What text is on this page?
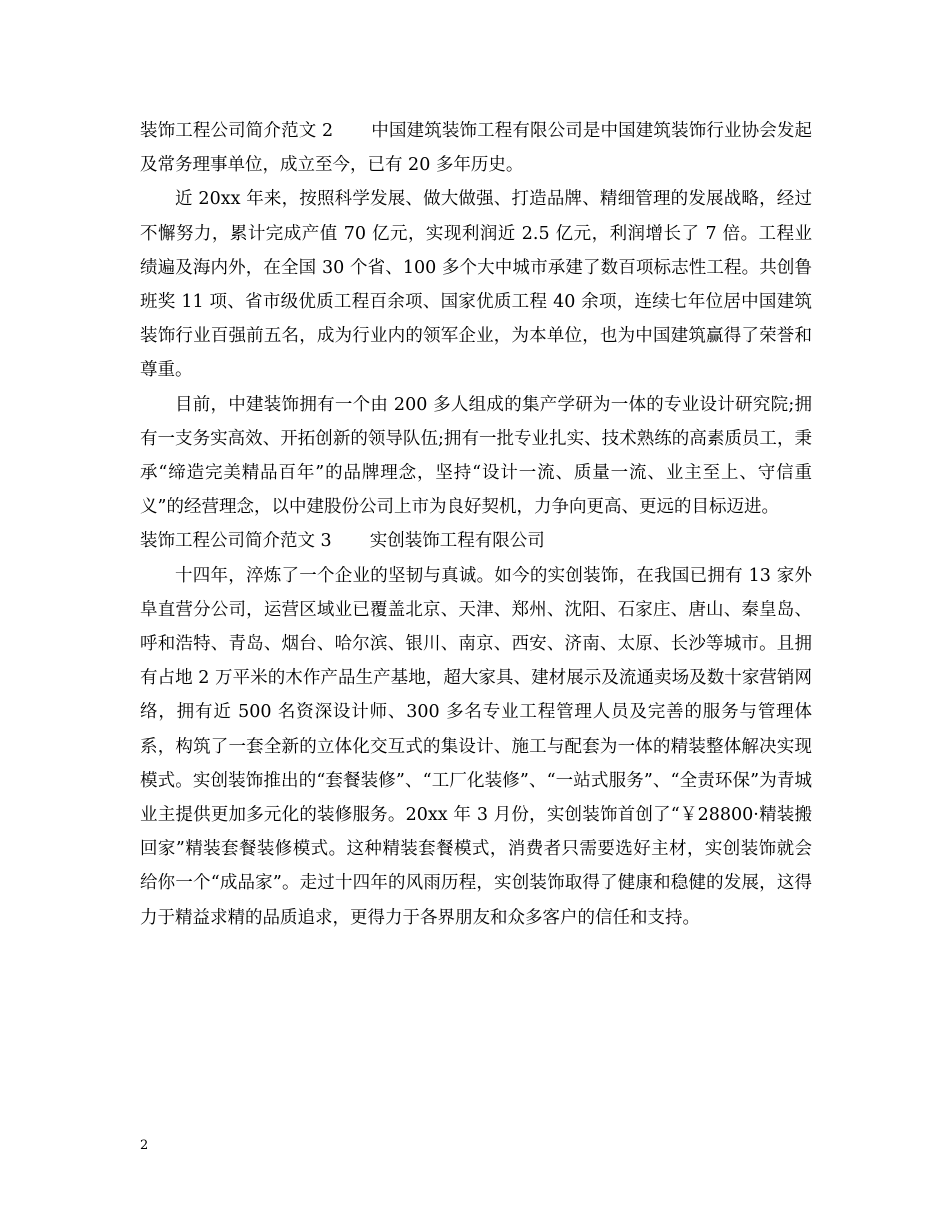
装饰工程公司简介范文 2 中国建筑装饰工程有限公司是中国建筑装饰行业协会发起及常务理事单位，成立至今，已有 20 多年历史。

近 20xx 年来，按照科学发展、做大做强、打造品牌、精细管理的发展战略，经过不懈努力，累计完成产值 70 亿元，实现利润近 2.5 亿元，利润增长了 7 倍。工程业绩遍及海内外，在全国 30 个省、100 多个大中城市承建了数百项标志性工程。共创鲁班奖 11 项、省市级优质工程百余项、国家优质工程 40 余项，连续七年位居中国建筑装饰行业百强前五名，成为行业内的领军企业，为本单位，也为中国建筑赢得了荣誉和尊重。

目前，中建装饰拥有一个由 200 多人组成的集产学研为一体的专业设计研究院;拥有一支务实高效、开拓创新的领导队伍;拥有一批专业扎实、技术熟练的高素质员工，秉承“缔造完美精品百年”的品牌理念，坚持“设计一流、质量一流、业主至上、守信重义”的经营理念，以中建股份公司上市为良好契机，力争向更高、更远的目标迈进。

装饰工程公司简介范文 3 实创装饰工程有限公司

十四年，淬炼了一个企业的坚韧与真诚。如今的实创装饰，在我国已拥有 13 家外阜直营分公司，运营区域业已覆盖北京、天津、郑州、沈阳、石家庄、唐山、秦皇岛、呼和浩特、青岛、烟台、哈尔滨、银川、南京、西安、济南、太原、长沙等城市。且拥有占地 2 万平米的木作产品生产基地，超大家具、建材展示及流通卖场及数十家营销网络，拥有近 500 名资深设计师、300 多名专业工程管理人员及完善的服务与管理体系，构筑了一套全新的立体化交互式的集设计、施工与配套为一体的精装整体解决实现模式。实创装饰推出的“套餐装修”、“工厂化装修”、“一站式服务”、“全责环保”为青城业主提供更加多元化的装修服务。20xx 年 3 月份，实创装饰首创了“￥28800·精装搬回家”精装套餐装修模式。这种精装套餐模式，消费者只需要选好主材，实创装饰就会给你一个“成品家”。走过十四年的风雨历程，实创装饰取得了健康和稳健的发展，这得力于精益求精的品质追求，更得力于各界朋友和众多客户的信任和支持。

2
